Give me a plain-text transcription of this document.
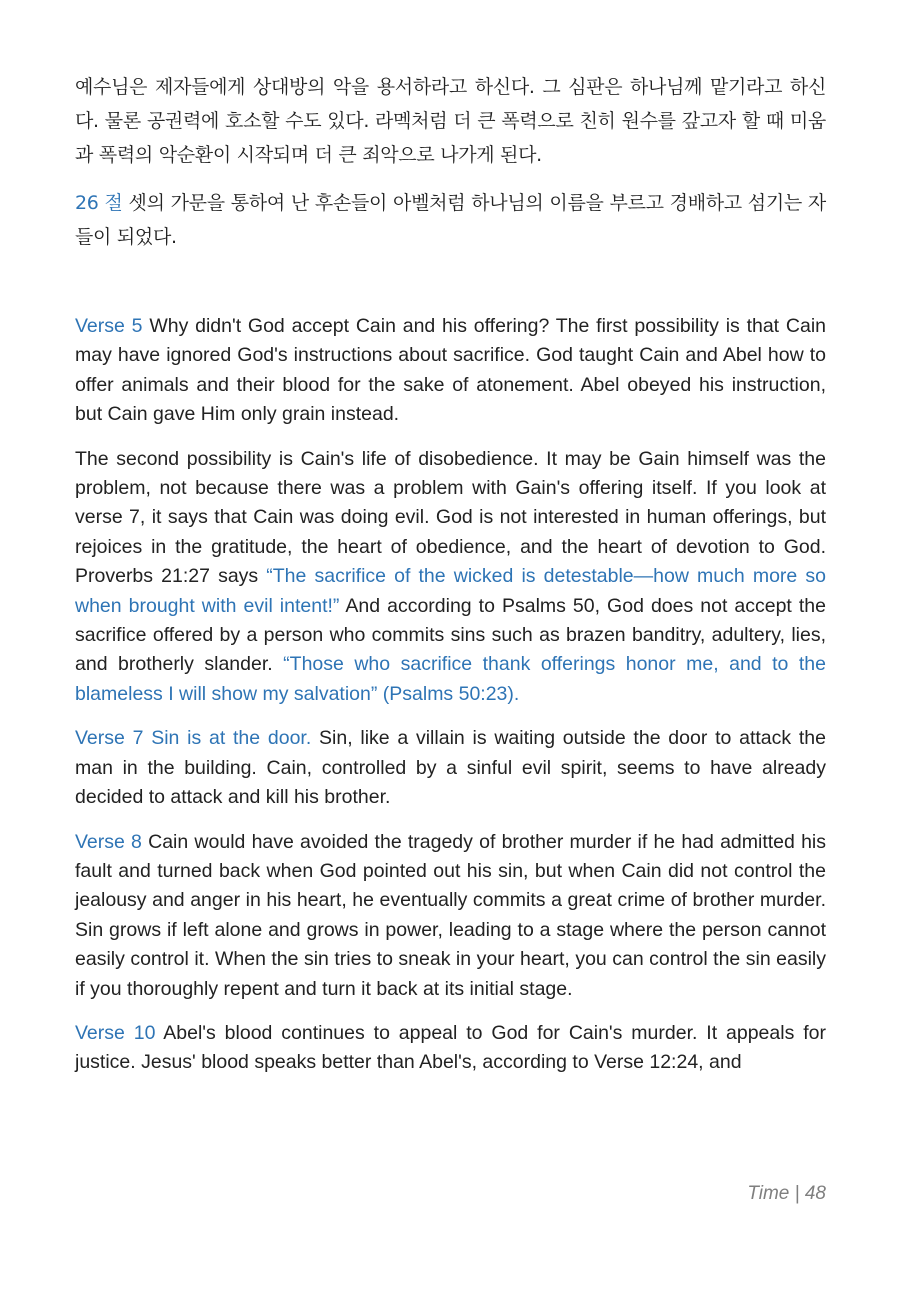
예수님은 제자들에게 상대방의 악을 용서하라고 하신다. 그 심판은 하나님께 맡기라고 하신다. 물론 공권력에 호소할 수도 있다. 라멕처럼 더 큰 폭력으로 친히 원수를 갚고자 할 때 미움과 폭력의 악순환이 시작되며 더 큰 죄악으로 나가게 된다.

26 절 셋의 가문을 통하여 난 후손들이 아벨처럼 하나님의 이름을 부르고 경배하고 섬기는 자들이 되었다.

Verse 5 Why didn't God accept Cain and his offering? The first possibility is that Cain may have ignored God's instructions about sacrifice. God taught Cain and Abel how to offer animals and their blood for the sake of atonement. Abel obeyed his instruction, but Cain gave Him only grain instead.

The second possibility is Cain's life of disobedience. It may be Gain himself was the problem, not because there was a problem with Gain's offering itself. If you look at verse 7, it says that Cain was doing evil. God is not interested in human offerings, but rejoices in the gratitude, the heart of obedience, and the heart of devotion to God. Proverbs 21:27 says “The sacrifice of the wicked is detestable—how much more so when brought with evil intent!” And according to Psalms 50, God does not accept the sacrifice offered by a person who commits sins such as brazen banditry, adultery, lies, and brotherly slander. “Those who sacrifice thank offerings honor me, and to the blameless I will show my salvation” (Psalms 50:23).

Verse 7 Sin is at the door. Sin, like a villain is waiting outside the door to attack the man in the building. Cain, controlled by a sinful evil spirit, seems to have already decided to attack and kill his brother.

Verse 8 Cain would have avoided the tragedy of brother murder if he had admitted his fault and turned back when God pointed out his sin, but when Cain did not control the jealousy and anger in his heart, he eventually commits a great crime of brother murder. Sin grows if left alone and grows in power, leading to a stage where the person cannot easily control it. When the sin tries to sneak in your heart, you can control the sin easily if you thoroughly repent and turn it back at its initial stage.

Verse 10 Abel's blood continues to appeal to God for Cain's murder. It appeals for justice. Jesus' blood speaks better than Abel's, according to Verse 12:24, and

Time | 48
